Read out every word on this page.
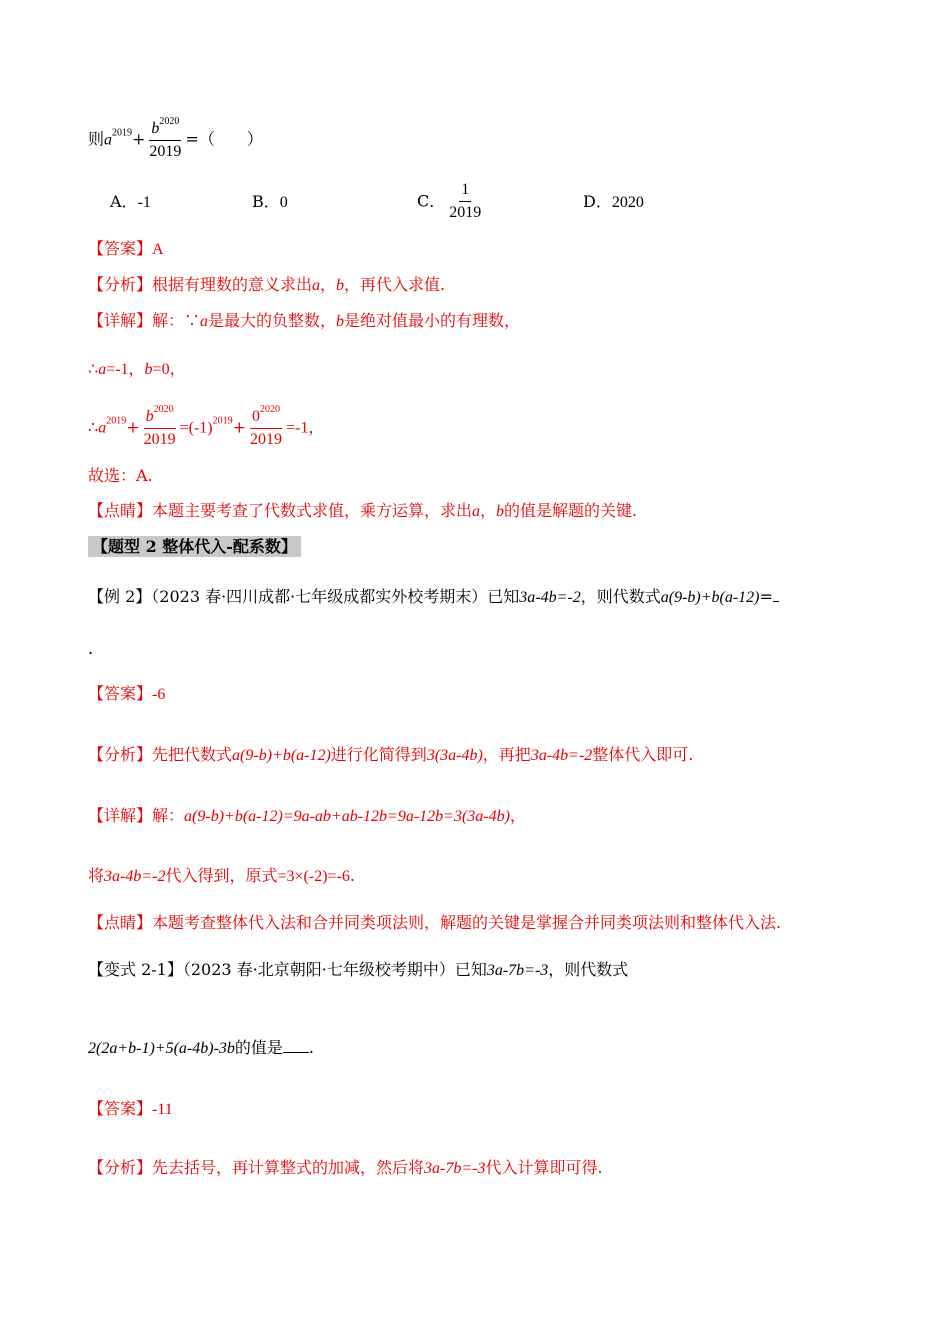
则$a^{2019}+ \frac{b^{2020}}{2019}$ =（　　）
A．-1	B．0	C． $\frac{1}{2019}$	D．2020
【答案】A
【分析】根据有理数的意义求出a，b，再代入求值.
【详解】解：∵a是最大的负整数，b是绝对值最小的有理数，
∴a=-1，b=0，
$\therefore a^{2019}+ \frac{b^{2020}}{2019} =(-1)^{2019}+ \frac{0^{2020}}{2019} =-1$，
故选：A.
【点睛】本题主要考查了代数式求值，乘方运算，求出a，b的值是解题的关键.
【题型 2 整体代入-配系数】
【例 2】（2023 春·四川成都·七年级成都实外校考期末）已知3a-4b=-2，则代数式a(9-b)+b(a-12)=
.
【答案】-6
【分析】先把代数式a(9-b)+b(a-12)进行化简得到3(3a-4b)，再把3a-4b=-2整体代入即可.
【详解】解：a(9-b)+b(a-12)=9a-ab+ab-12b=9a-12b=3(3a-4b)，
将3a-4b=-2代入得到，原式=3×(-2)=-6.
【点睛】本题考查整体代入法和合并同类项法则，解题的关键是掌握合并同类项法则和整体代入法.
【变式 2-1】（2023 春·北京朝阳·七年级校考期中）已知3a-7b=-3，则代数式
2(2a+b-1)+5(a-4b)-3b的值是 .
【答案】-11
【分析】先去括号，再计算整式的加减，然后将3a-7b=-3代入计算即可得.
